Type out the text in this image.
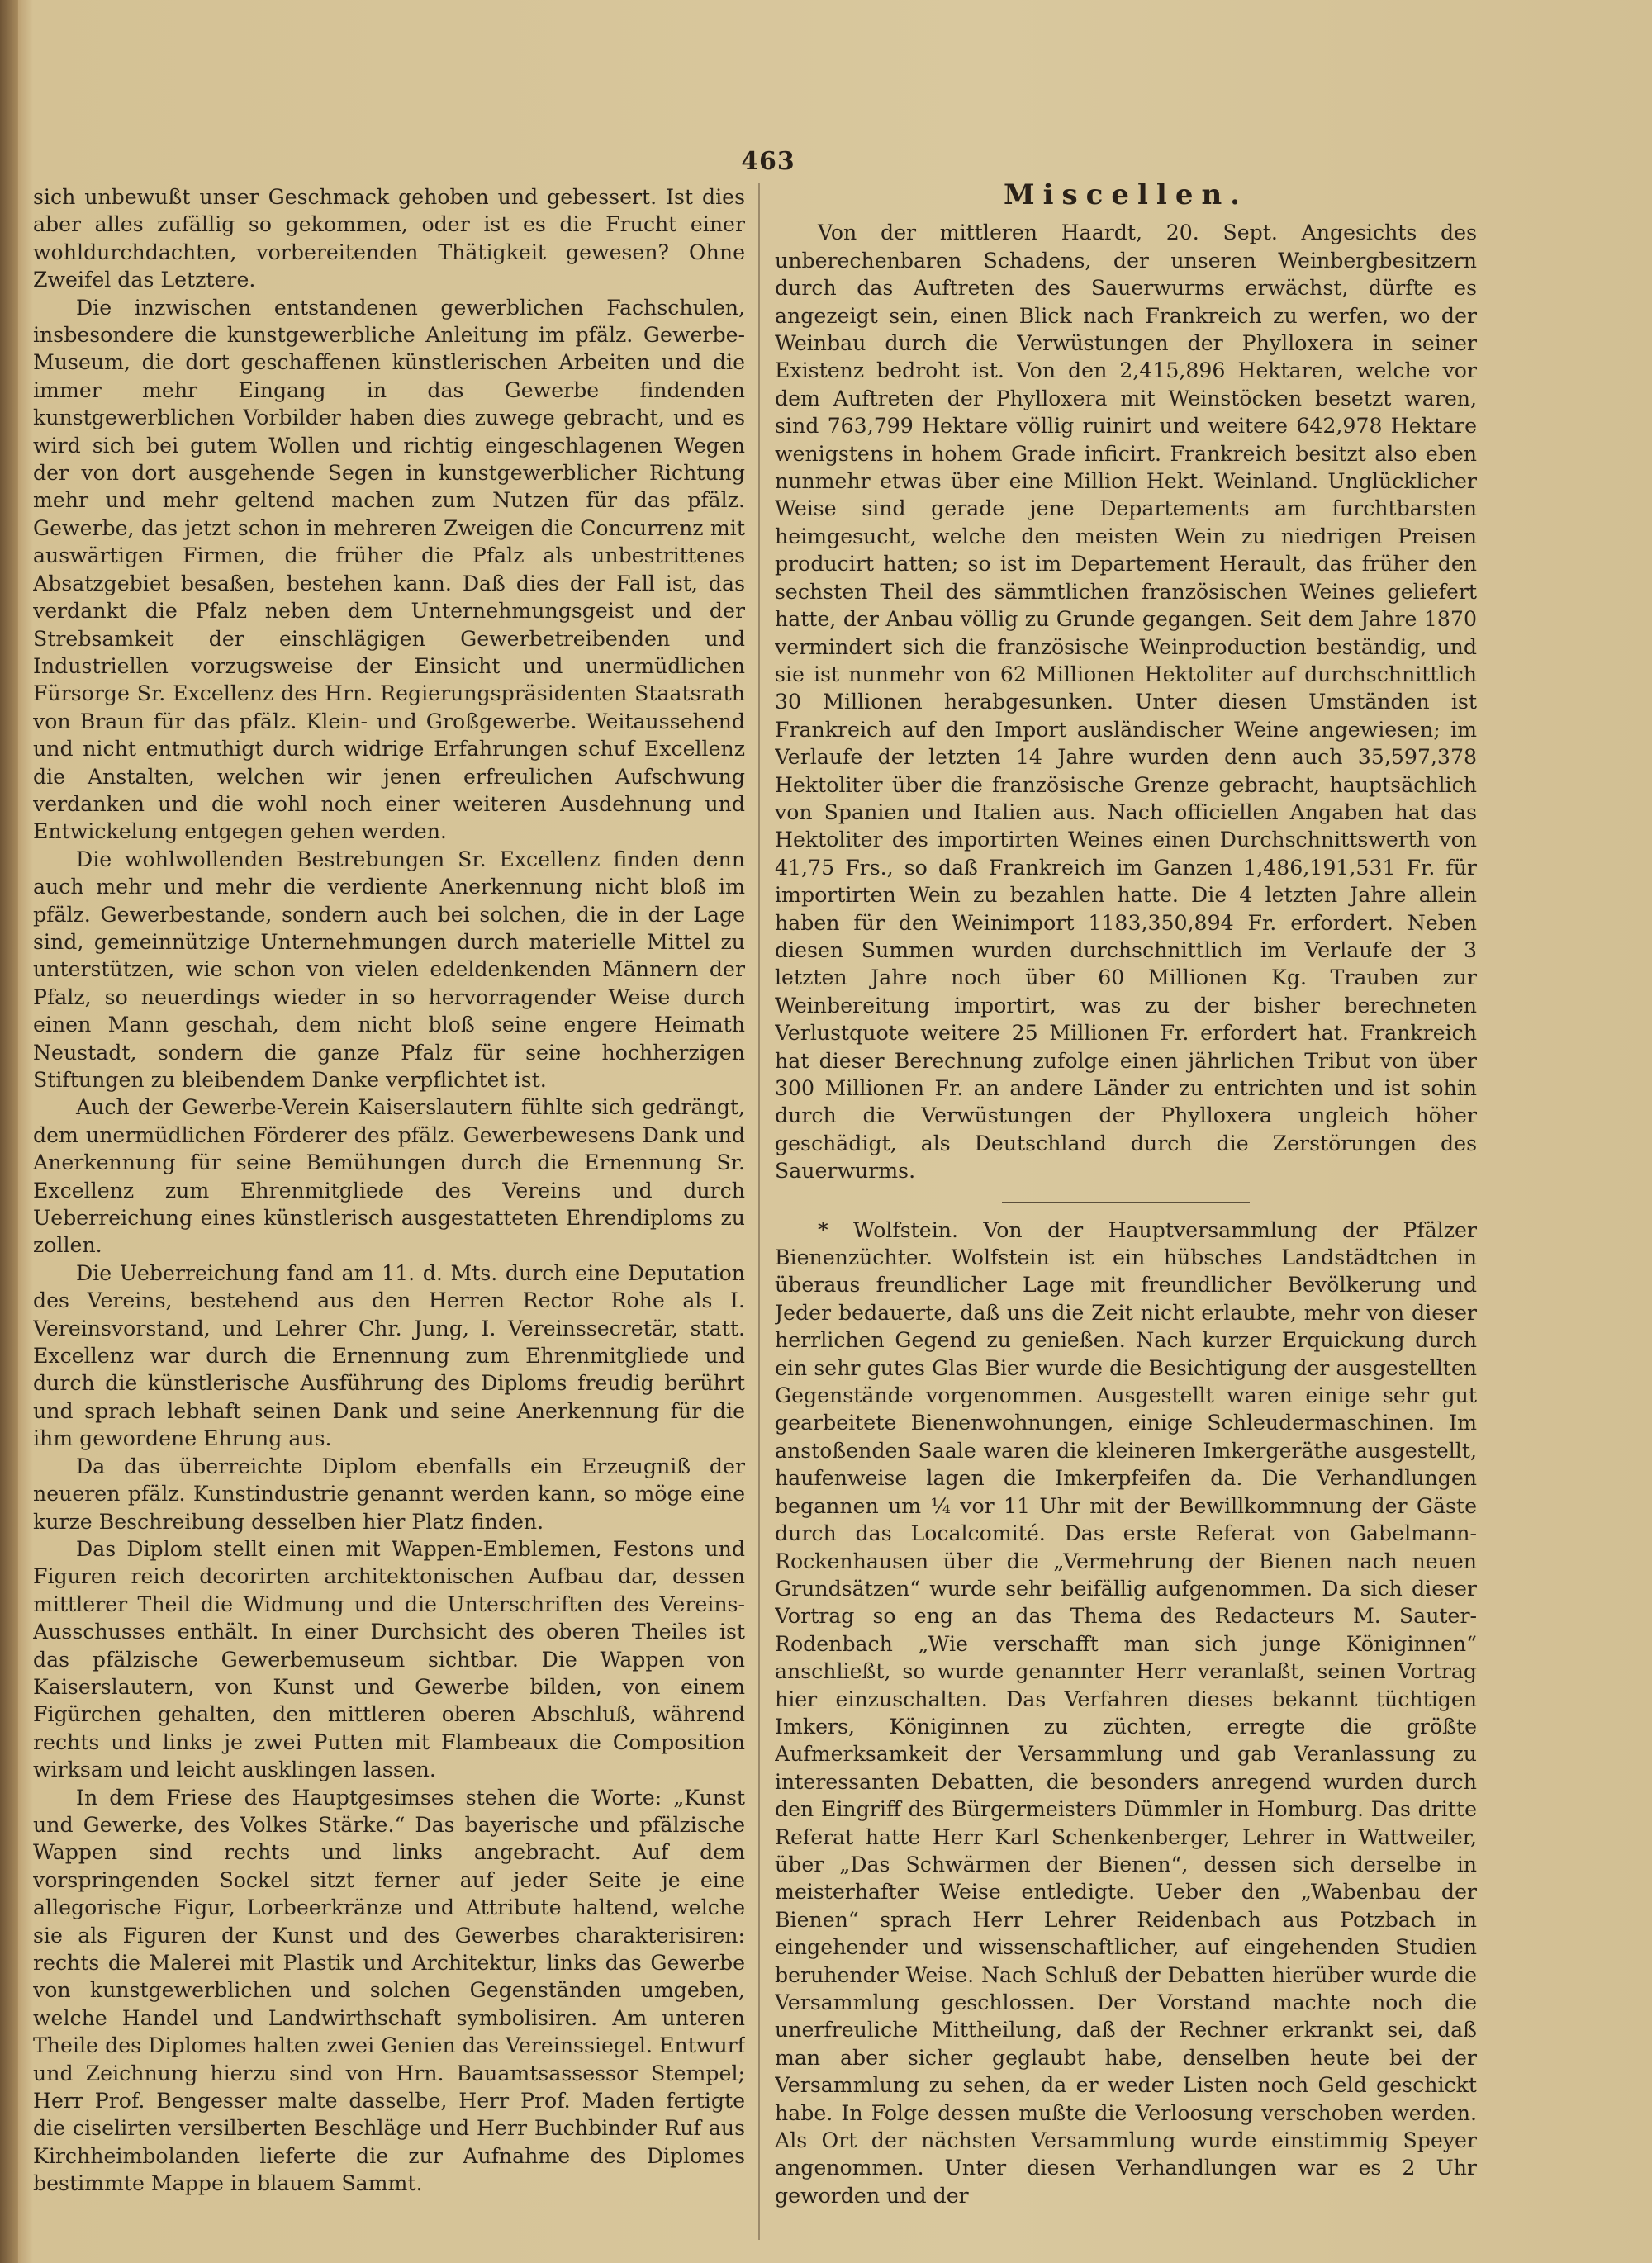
463

sich unbewußt unser Geschmack gehoben und gebessert. Ist dies aber alles zufällig so gekommen, oder ist es die Frucht einer wohldurchdachten, vorbereitenden Thätigkeit gewesen? Ohne Zweifel das Letztere.

Die inzwischen entstandenen gewerblichen Fachschulen, insbesondere die kunstgewerbliche Anleitung im pfälz. Gewerbe-Museum, die dort geschaffenen künstlerischen Arbeiten und die immer mehr Eingang in das Gewerbe findenden kunstgewerblichen Vorbilder haben dies zuwege gebracht, und es wird sich bei gutem Wollen und richtig eingeschlagenen Wegen der von dort ausgehende Segen in kunstgewerblicher Richtung mehr und mehr geltend machen zum Nutzen für das pfälz. Gewerbe, das jetzt schon in mehreren Zweigen die Concurrenz mit auswärtigen Firmen, die früher die Pfalz als unbestrittenes Absatzgebiet besaßen, bestehen kann. Daß dies der Fall ist, das verdankt die Pfalz neben dem Unternehmungsgeist und der Strebsamkeit der einschlägigen Gewerbetreibenden und Industriellen vorzugsweise der Einsicht und unermüdlichen Fürsorge Sr. Excellenz des Hrn. Regierungspräsidenten Staatsrath von Braun für das pfälz. Klein- und Großgewerbe. Weitaussehend und nicht entmuthigt durch widrige Erfahrungen schuf Excellenz die Anstalten, welchen wir jenen erfreulichen Aufschwung verdanken und die wohl noch einer weiteren Ausdehnung und Entwickelung entgegen gehen werden.

Die wohlwollenden Bestrebungen Sr. Excellenz finden denn auch mehr und mehr die verdiente Anerkennung nicht bloß im pfälz. Gewerbestande, sondern auch bei solchen, die in der Lage sind, gemeinnützige Unternehmungen durch materielle Mittel zu unterstützen, wie schon von vielen edeldenkenden Männern der Pfalz, so neuerdings wieder in so hervorragender Weise durch einen Mann geschah, dem nicht bloß seine engere Heimath Neustadt, sondern die ganze Pfalz für seine hochherzigen Stiftungen zu bleibendem Danke verpflichtet ist.

Auch der Gewerbe-Verein Kaiserslautern fühlte sich gedrängt, dem unermüdlichen Förderer des pfälz. Gewerbewesens Dank und Anerkennung für seine Bemühungen durch die Ernennung Sr. Excellenz zum Ehrenmitgliede des Vereins und durch Ueberreichung eines künstlerisch ausgestatteten Ehrendiploms zu zollen.

Die Ueberreichung fand am 11. d. Mts. durch eine Deputation des Vereins, bestehend aus den Herren Rector Rohe als I. Vereinsvorstand, und Lehrer Chr. Jung, I. Vereinssecretär, statt. Excellenz war durch die Ernennung zum Ehrenmitgliede und durch die künstlerische Ausführung des Diploms freudig berührt und sprach lebhaft seinen Dank und seine Anerkennung für die ihm gewordene Ehrung aus.

Da das überreichte Diplom ebenfalls ein Erzeugniß der neueren pfälz. Kunstindustrie genannt werden kann, so möge eine kurze Beschreibung desselben hier Platz finden.

Das Diplom stellt einen mit Wappen-Emblemen, Festons und Figuren reich decorirten architektonischen Aufbau dar, dessen mittlerer Theil die Widmung und die Unterschriften des Vereins-Ausschusses enthält. In einer Durchsicht des oberen Theiles ist das pfälzische Gewerbemuseum sichtbar. Die Wappen von Kaiserslautern, von Kunst und Gewerbe bilden, von einem Figürchen gehalten, den mittleren oberen Abschluß, während rechts und links je zwei Putten mit Flambeaux die Composition wirksam und leicht ausklingen lassen.

In dem Friese des Hauptgesimses stehen die Worte: „Kunst und Gewerke, des Volkes Stärke.“ Das bayerische und pfälzische Wappen sind rechts und links angebracht. Auf dem vorspringenden Sockel sitzt ferner auf jeder Seite je eine allegorische Figur, Lorbeerkränze und Attribute haltend, welche sie als Figuren der Kunst und des Gewerbes charakterisiren: rechts die Malerei mit Plastik und Architektur, links das Gewerbe von kunstgewerblichen und solchen Gegenständen umgeben, welche Handel und Landwirthschaft symbolisiren. Am unteren Theile des Diplomes halten zwei Genien das Vereinssiegel. Entwurf und Zeichnung hierzu sind von Hrn. Bauamtsassessor Stempel; Herr Prof. Bengesser malte dasselbe, Herr Prof. Maden fertigte die ciselirten versilberten Beschläge und Herr Buchbinder Ruf aus Kirchheimbolanden lieferte die zur Aufnahme des Diplomes bestimmte Mappe in blauem Sammt.

Miscellen.

Von der mittleren Haardt, 20. Sept. Angesichts des unberechenbaren Schadens, der unseren Weinbergbesitzern durch das Auftreten des Sauerwurms erwächst, dürfte es angezeigt sein, einen Blick nach Frankreich zu werfen, wo der Weinbau durch die Verwüstungen der Phylloxera in seiner Existenz bedroht ist. Von den 2,415,896 Hektaren, welche vor dem Auftreten der Phylloxera mit Weinstöcken besetzt waren, sind 763,799 Hektare völlig ruinirt und weitere 642,978 Hektare wenigstens in hohem Grade inficirt. Frankreich besitzt also eben nunmehr etwas über eine Million Hekt. Weinland. Unglücklicher Weise sind gerade jene Departements am furchtbarsten heimgesucht, welche den meisten Wein zu niedrigen Preisen producirt hatten; so ist im Departement Herault, das früher den sechsten Theil des sämmtlichen französischen Weines geliefert hatte, der Anbau völlig zu Grunde gegangen. Seit dem Jahre 1870 vermindert sich die französische Weinproduction beständig, und sie ist nunmehr von 62 Millionen Hektoliter auf durchschnittlich 30 Millionen herabgesunken. Unter diesen Umständen ist Frankreich auf den Import ausländischer Weine angewiesen; im Verlaufe der letzten 14 Jahre wurden denn auch 35,597,378 Hektoliter über die französische Grenze gebracht, hauptsächlich von Spanien und Italien aus. Nach officiellen Angaben hat das Hektoliter des importirten Weines einen Durchschnittswerth von 41,75 Frs., so daß Frankreich im Ganzen 1,486,191,531 Fr. für importirten Wein zu bezahlen hatte. Die 4 letzten Jahre allein haben für den Weinimport 1183,350,894 Fr. erfordert. Neben diesen Summen wurden durchschnittlich im Verlaufe der 3 letzten Jahre noch über 60 Millionen Kg. Trauben zur Weinbereitung importirt, was zu der bisher berechneten Verlustquote weitere 25 Millionen Fr. erfordert hat. Frankreich hat dieser Berechnung zufolge einen jährlichen Tribut von über 300 Millionen Fr. an andere Länder zu entrichten und ist sohin durch die Verwüstungen der Phylloxera ungleich höher geschädigt, als Deutschland durch die Zerstörungen des Sauerwurms.

* Wolfstein. Von der Hauptversammlung der Pfälzer Bienenzüchter. Wolfstein ist ein hübsches Landstädtchen in überaus freundlicher Lage mit freundlicher Bevölkerung und Jeder bedauerte, daß uns die Zeit nicht erlaubte, mehr von dieser herrlichen Gegend zu genießen. Nach kurzer Erquickung durch ein sehr gutes Glas Bier wurde die Besichtigung der ausgestellten Gegenstände vorgenommen. Ausgestellt waren einige sehr gut gearbeitete Bienenwohnungen, einige Schleudermaschinen. Im anstoßenden Saale waren die kleineren Imkergeräthe ausgestellt, haufenweise lagen die Imkerpfeifen da. Die Verhandlungen begannen um ¼ vor 11 Uhr mit der Bewillkommnung der Gäste durch das Localcomité. Das erste Referat von Gabelmann-Rockenhausen über die „Vermehrung der Bienen nach neuen Grundsätzen“ wurde sehr beifällig aufgenommen. Da sich dieser Vortrag so eng an das Thema des Redacteurs M. Sauter-Rodenbach „Wie verschafft man sich junge Königinnen“ anschließt, so wurde genannter Herr veranlaßt, seinen Vortrag hier einzuschalten. Das Verfahren dieses bekannt tüchtigen Imkers, Königinnen zu züchten, erregte die größte Aufmerksamkeit der Versammlung und gab Veranlassung zu interessanten Debatten, die besonders anregend wurden durch den Eingriff des Bürgermeisters Dümmler in Homburg. Das dritte Referat hatte Herr Karl Schenkenberger, Lehrer in Wattweiler, über „Das Schwärmen der Bienen“, dessen sich derselbe in meisterhafter Weise entledigte. Ueber den „Wabenbau der Bienen“ sprach Herr Lehrer Reidenbach aus Potzbach in eingehender und wissenschaftlicher, auf eingehenden Studien beruhender Weise. Nach Schluß der Debatten hierüber wurde die Versammlung geschlossen. Der Vorstand machte noch die unerfreuliche Mittheilung, daß der Rechner erkrankt sei, daß man aber sicher geglaubt habe, denselben heute bei der Versammlung zu sehen, da er weder Listen noch Geld geschickt habe. In Folge dessen mußte die Verloosung verschoben werden. Als Ort der nächsten Versammlung wurde einstimmig Speyer angenommen. Unter diesen Verhandlungen war es 2 Uhr geworden und der
